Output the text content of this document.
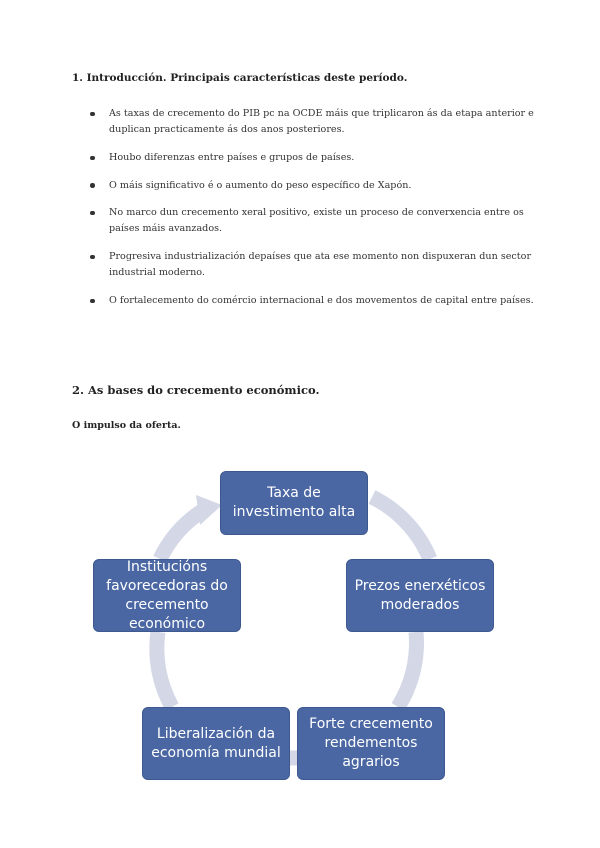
1. Introducción. Principais características deste período.
As taxas de crecemento do PIB pc na OCDE máis que triplicaron ás da etapa anterior e duplican practicamente ás dos anos posteriores.
Houbo diferenzas entre países e grupos de países.
O máis significativo é o aumento do peso específico de Xapón.
No marco dun crecemento xeral positivo, existe un proceso de converxencia entre os países máis avanzados.
Progresiva industrialización depaíses que ata ese momento non dispuxeran dun sector industrial moderno.
O fortalecemento do comércio internacional e dos movementos de capital entre países.
2. As bases do crecemento económico.
O impulso da oferta.
Taxa de investimento alta
Prezos enerxéticos moderados
Forte crecemento rendementos agrarios
Liberalización da economía mundial
Institucións favorecedoras do crecemento económico
